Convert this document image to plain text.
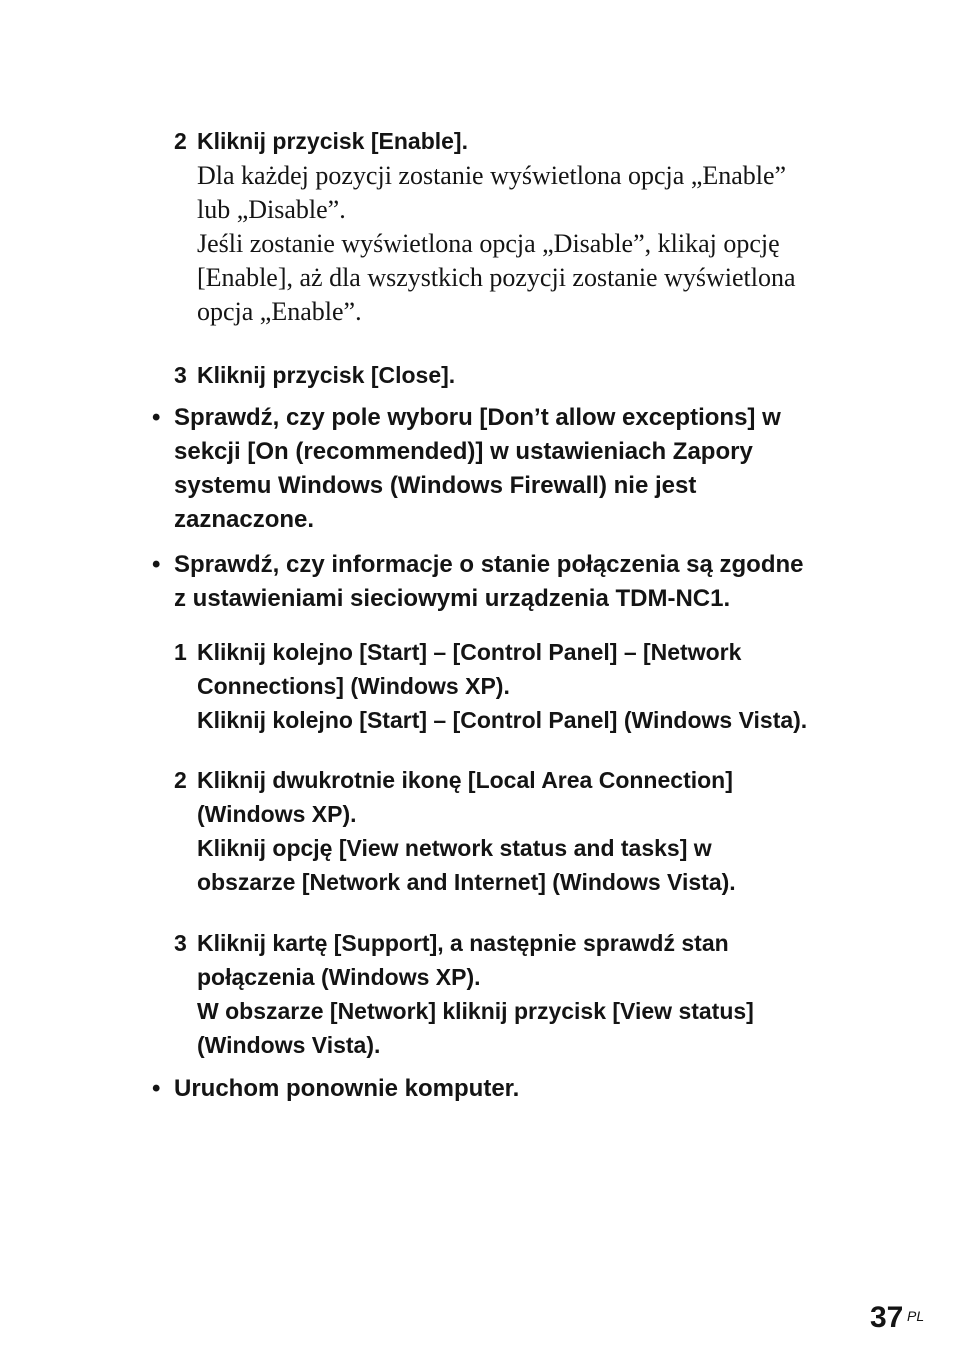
2 Kliknij przycisk [Enable].
Dla każdej pozycji zostanie wyświetlona opcja „Enable”
lub „Disable”.
Jeśli zostanie wyświetlona opcja „Disable”, klikaj opcję
[Enable], aż dla wszystkich pozycji zostanie wyświetlona
opcja „Enable”.
3 Kliknij przycisk [Close].
• Sprawdź, czy pole wyboru [Don’t allow exceptions] w
sekcji [On (recommended)] w ustawieniach Zapory
systemu Windows (Windows Firewall) nie jest
zaznaczone.
• Sprawdź, czy informacje o stanie połączenia są zgodne
z ustawieniami sieciowymi urządzenia TDM-NC1.
1 Kliknij kolejno [Start] – [Control Panel] – [Network
Connections] (Windows XP).
Kliknij kolejno [Start] – [Control Panel] (Windows Vista).
2 Kliknij dwukrotnie ikonę [Local Area Connection]
(Windows XP).
Kliknij opcję [View network status and tasks] w
obszarze [Network and Internet] (Windows Vista).
3 Kliknij kartę [Support], a następnie sprawdź stan
połączenia (Windows XP).
W obszarze [Network] kliknij przycisk [View status]
(Windows Vista).
• Uruchom ponownie komputer.
37 PL
